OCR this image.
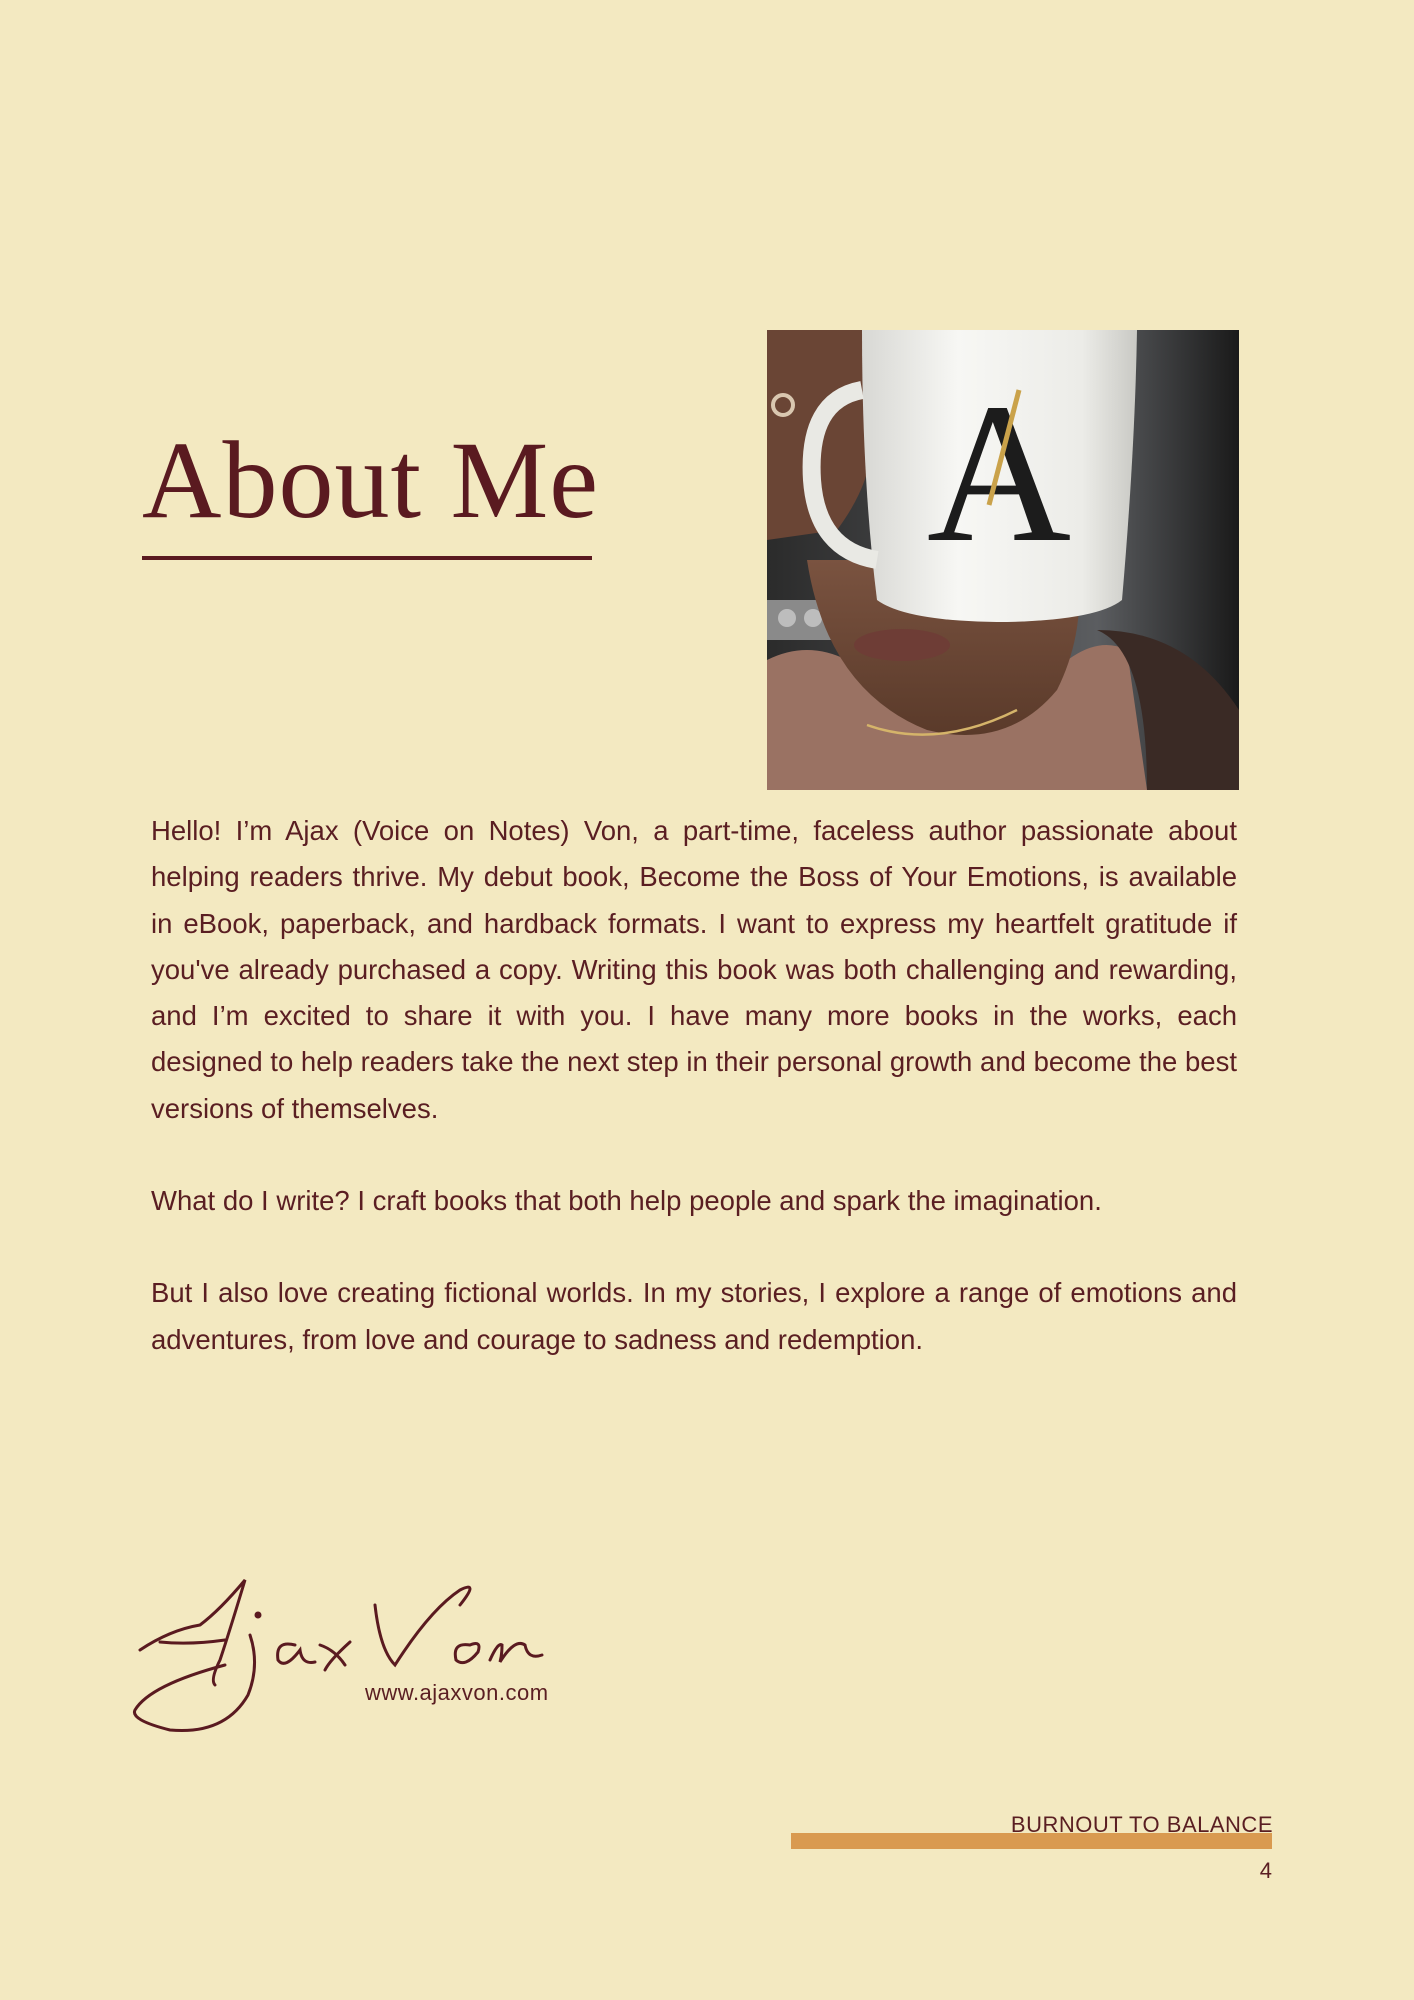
About Me A

Hello! I’m Ajax (Voice on Notes) Von, a part-time, faceless author passionate about helping readers thrive. My debut book, Become the Boss of Your Emotions, is available in eBook, paperback, and hardback formats. I want to express my heartfelt gratitude if you've already purchased a copy. Writing this book was both challenging and rewarding, and I’m excited to share it with you. I have many more books in the works, each designed to help readers take the next step in their personal growth and become the best versions of themselves.

What do I write? I craft books that both help people and spark the imagination.

But I also love creating fictional worlds. In my stories, I explore a range of emotions and adventures, from love and courage to sadness and redemption.

www.ajaxvon.com
BURNOUT TO BALANCE
4
